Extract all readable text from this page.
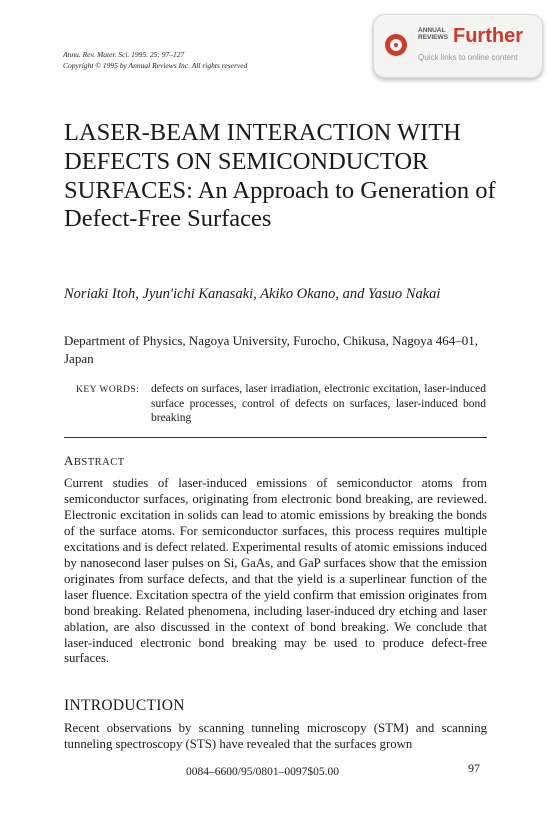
Annu. Rev. Mater. Sci. 1995. 25: 97–127
Copyright © 1995 by Annual Reviews Inc. All rights reserved
ANNUAL REVIEWS Further
Quick links to online content
LASER-BEAM INTERACTION WITH DEFECTS ON SEMICONDUCTOR SURFACES: An Approach to Generation of Defect-Free Surfaces
Noriaki Itoh, Jyun'ichi Kanasaki, Akiko Okano, and Yasuo Nakai
Department of Physics, Nagoya University, Furocho, Chikusa, Nagoya 464–01, Japan
KEY WORDS: defects on surfaces, laser irradiation, electronic excitation, laser-induced surface processes, control of defects on surfaces, laser-induced bond breaking
ABSTRACT
Current studies of laser-induced emissions of semiconductor atoms from semiconductor surfaces, originating from electronic bond breaking, are reviewed. Electronic excitation in solids can lead to atomic emissions by breaking the bonds of the surface atoms. For semiconductor surfaces, this process requires multiple excitations and is defect related. Experimental results of atomic emissions induced by nanosecond laser pulses on Si, GaAs, and GaP surfaces show that the emission originates from surface defects, and that the yield is a superlinear function of the laser fluence. Excitation spectra of the yield confirm that emission originates from bond breaking. Related phenomena, including laser-induced dry etching and laser ablation, are also discussed in the context of bond breaking. We conclude that laser-induced electronic bond breaking may be used to produce defect-free surfaces.
INTRODUCTION
Recent observations by scanning tunneling microscopy (STM) and scanning tunneling spectroscopy (STS) have revealed that the surfaces grown
0084–6600/95/0801–0097$05.00	97
